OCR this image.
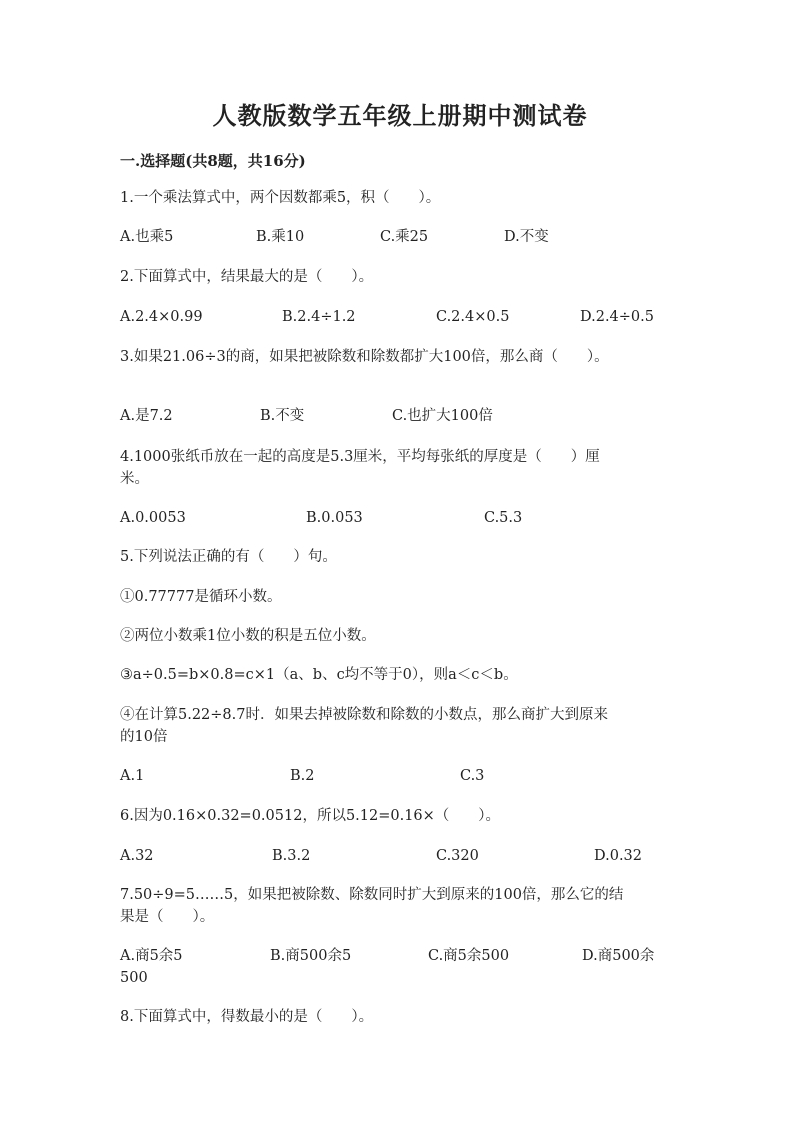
人教版数学五年级上册期中测试卷
一.选择题(共8题，共16分)
1.一个乘法算式中，两个因数都乘5，积（　　）。
A.也乘5	B.乘10	C.乘25	D.不变
2.下面算式中，结果最大的是（　　）。
A.2.4×0.99	B.2.4÷1.2	C.2.4×0.5	D.2.4÷0.5
3.如果21.06÷3的商，如果把被除数和除数都扩大100倍，那么商（　　）。
A.是7.2	B.不变	C.也扩大100倍
4.1000张纸币放在一起的高度是5.3厘米，平均每张纸的厚度是（　　）厘
米。
A.0.0053	B.0.053	C.5.3
5.下列说法正确的有（　　）句。
①0.77777是循环小数。
②两位小数乘1位小数的积是五位小数。
③a÷0.5=b×0.8=c×1（a、b、c均不等于0），则a＜c＜b。
④在计算5.22÷8.7时．如果去掉被除数和除数的小数点，那么商扩大到原来
的10倍
A.1	B.2	C.3
6.因为0.16×0.32=0.0512，所以5.12=0.16×（　　）。
A.32	B.3.2	C.320	D.0.32
7.50÷9=5……5，如果把被除数、除数同时扩大到原来的100倍，那么它的结
果是（　　）。
A.商5余5	B.商500余5	C.商5余500	D.商500余
500
8.下面算式中，得数最小的是（　　）。
